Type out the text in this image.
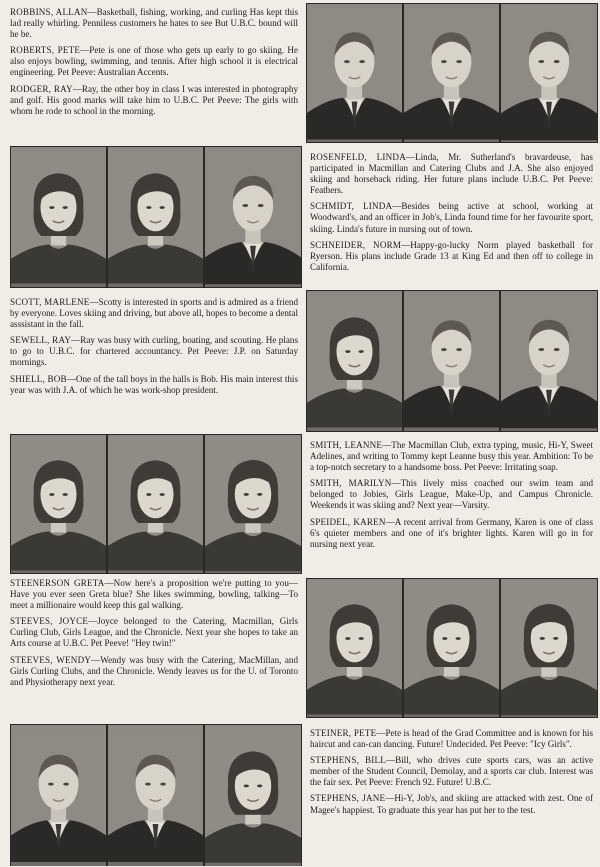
ROBBINS, ALLAN—Basketball, fishing, working, and curling Has kept this lad really whirling. Penniless customers he hates to see But U.B.C. bound will he be.

ROBERTS, PETE—Pete is one of those who gets up early to go skiing. He also enjoys bowling, swimming, and tennis. After high school it is electrical engineering. Pet Peeve: Australian Accents.

RODGER, RAY—Ray, the other boy in class I was interested in photography and golf. His good marks will take him to U.B.C. Pet Peeve: The girls with whom he rode to school in the morning.

ROSENFELD, LINDA—Linda, Mr. Sutherland's bravardeuse, has participated in Macmillan and Catering Clubs and J.A. She also enjoyed skiing and horseback riding. Her future plans include U.B.C. Pet Peeve: Feathers.

SCHMIDT, LINDA—Besides being active at school, working at Woodward's, and an officer in Job's, Linda found time for her favourite sport, skiing. Linda's future in nursing out of town.

SCHNEIDER, NORM—Happy-go-lucky Norm played basketball for Ryerson. His plans include Grade 13 at King Ed and then off to college in California.

SCOTT, MARLENE—Scotty is interested in sports and is admired as a friend by everyone. Loves skiing and driving, but above all, hopes to become a dental asssistant in the fall.

SEWELL, RAY—Ray was busy with curling, boating, and scouting. He plans to go to U.B.C. for chartered accountancy. Pet Peeve: J.P. on Saturday mornings.

SHIELL, BOB—One of the tall boys in the halls is Bob. His main interest this year was with J.A. of which he was work-shop president.

SMITH, LEANNE—The Macmillan Club, extra typing, music, Hi-Y, Sweet Adelines, and writing to Tommy kept Leanne busy this year. Ambition: To be a top-notch secretary to a handsome boss. Pet Peeve: Irritating soap.

SMITH, MARILYN—This lively miss coached our swim team and belonged to Jobies, Girls League, Make-Up, and Campus Chronicle. Weekends it was skiing and? Next year—Varsity.

SPEIDEL, KAREN—A recent arrival from Germany, Karen is one of class 6's quieter members and one of it's brighter lights. Karen will go in for nursing next year.

STEENERSON GRETA—Now here's a proposition we're putting to you—Have you ever seen Greta blue? She likes swimming, bowling, talking—To meet a millionaire would keep this gal walking.

STEEVES, JOYCE—Joyce belonged to the Catering, Macmillan, Girls Curling Club, Girls League, and the Chronicle. Next year she hopes to take an Arts course at U.B.C. Pet Peeve! "Hey twin!"

STEEVES, WENDY—Wendy was busy with the Catering, MacMillan, and Girls Curling Clubs, and the Chronicle. Wendy leaves us for the U. of Toronto and Physiotherapy next year.

STEINER, PETE—Pete is head of the Grad Committee and is known for his haircut and can-can dancing. Future! Undecided. Pet Peeve: "Icy Girls".

STEPHENS, BILL—Bill, who drives cute sports cars, was an active member of the Student Council, Demolay, and a sports car club. Interest was the fair sex. Pet Peeve: French 92. Future! U.B.C.

STEPHENS, JANE—Hi-Y, Job's, and skiing are attacked with zest. One of Magee's happiest. To graduate this year has put her to the test.
